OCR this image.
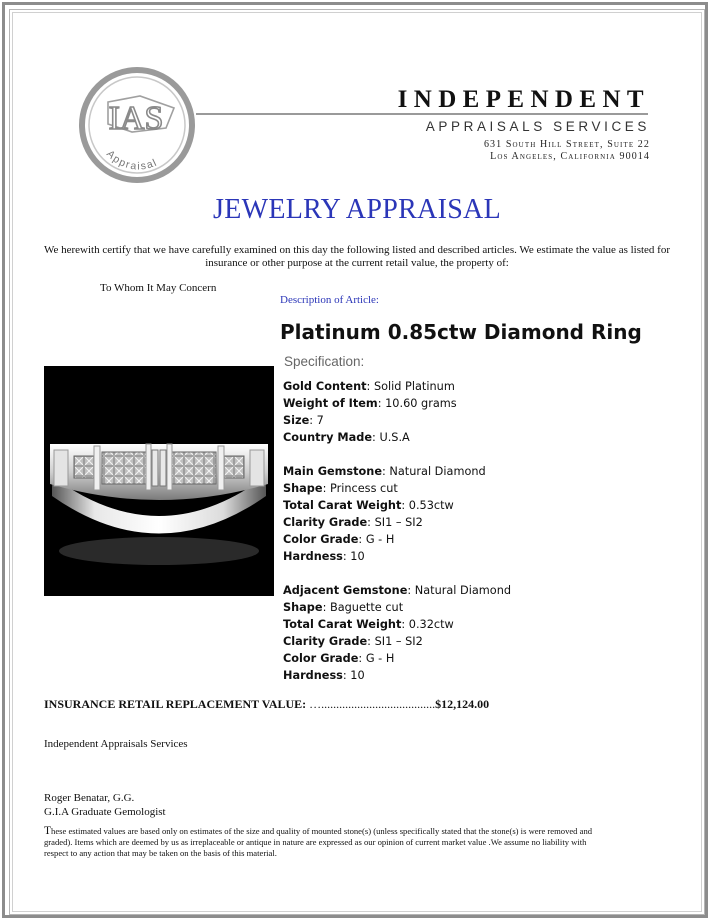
IAS
Appraisal
INDEPENDENT
APPRAISALS SERVICES
631 South Hill Street, Suite 22
Los Angeles, California 90014
JEWELRY APPRAISAL
We herewith certify that we have carefully examined on this day the following listed and described articles. We estimate the value as listed for insurance or other purpose at the current retail value, the property of:
To Whom It May Concern
Description of Article:
Platinum 0.85ctw Diamond Ring
Specification:
Gold Content: Solid Platinum
Weight of Item: 10.60 grams
Size: 7
Country Made: U.S.A
Main Gemstone: Natural Diamond
Shape: Princess cut
Total Carat Weight: 0.53ctw
Clarity Grade: SI1 – SI2
Color Grade: G - H
Hardness: 10
Adjacent Gemstone: Natural Diamond
Shape: Baguette cut
Total Carat Weight: 0.32ctw
Clarity Grade: SI1 – SI2
Color Grade: G - H
Hardness: 10
INSURANCE RETAIL REPLACEMENT VALUE: …......................................$12,124.00
Independent Appraisals Services
Roger Benatar, G.G.
G.I.A Graduate Gemologist
These estimated values are based only on estimates of the size and quality of mounted stone(s) (unless specifically stated that the stone(s) is were removed and graded). Items which are deemed by us as irreplaceable or antique in nature are expressed as our opinion of current market value .We assume no liability with respect to any action that may be taken on the basis of this material.
